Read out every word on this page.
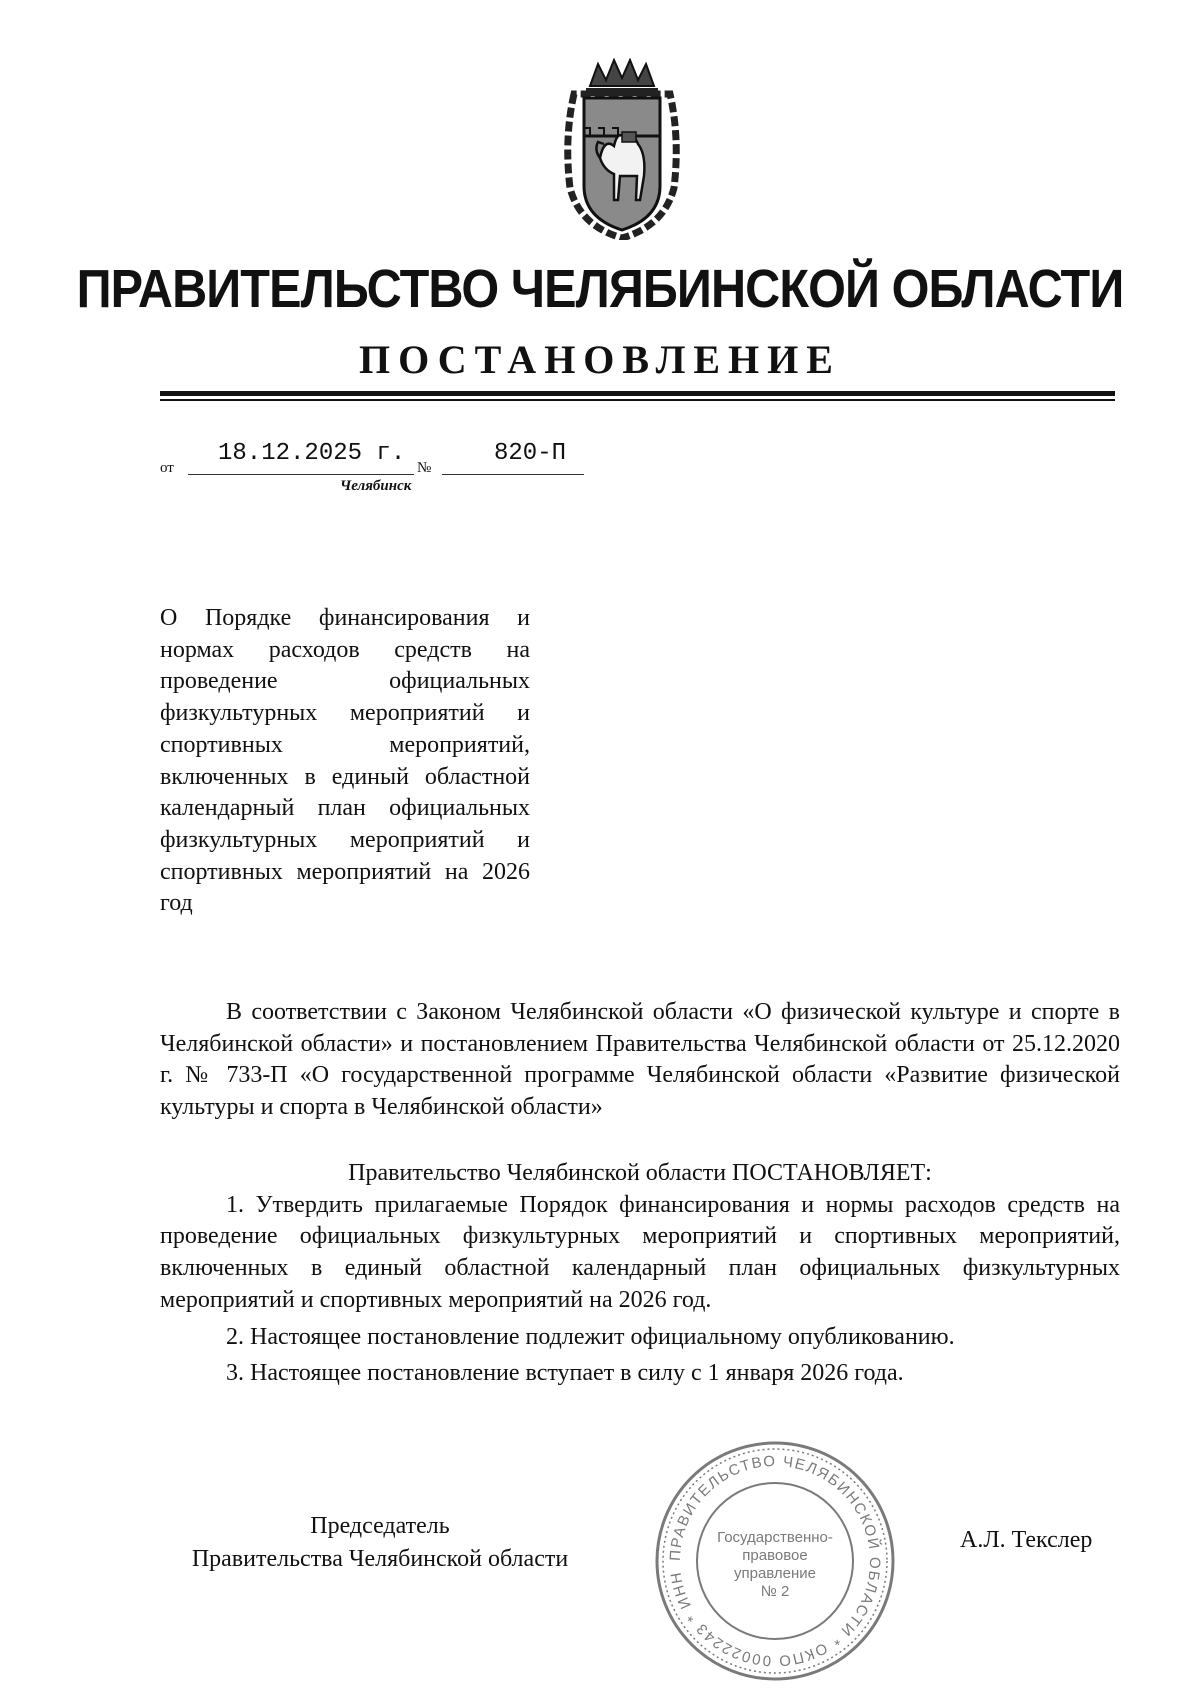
ПРАВИТЕЛЬСТВО ЧЕЛЯБИНСКОЙ ОБЛАСТИ
ПОСТАНОВЛЕНИЕ
от
18.12.2025 г.
№
820-П
Челябинск

О Порядке финансирования и нормах расходов средств на проведение официальных физкультурных мероприятий и спортивных мероприятий, включенных в единый областной календарный план официальных физкультурных мероприятий и спортивных мероприятий на 2026 год

В соответствии с Законом Челябинской области «О физической культуре и спорте в Челябинской области» и постановлением Правительства Челябинской области от 25.12.2020 г. № 733-П «О государственной программе Челябинской области «Развитие физической культуры и спорта в Челябинской области»

Правительство Челябинской области ПОСТАНОВЛЯЕТ:

1. Утвердить прилагаемые Порядок финансирования и нормы расходов средств на проведение официальных физкультурных мероприятий и спортивных мероприятий, включенных в единый областной календарный план официальных физкультурных мероприятий и спортивных мероприятий на 2026 год.

2. Настоящее постановление подлежит официальному опубликованию.

3. Настоящее постановление вступает в силу с 1 января 2026 года.

Председатель
Правительства Челябинской области
А.Л. Текслер
ПРАВИТЕЛЬСТВО ЧЕЛЯБИНСКОЙ ОБЛАСТИ * ОКПО 00022243 * ИНН
Государственно-
правовое
управление
№ 2
